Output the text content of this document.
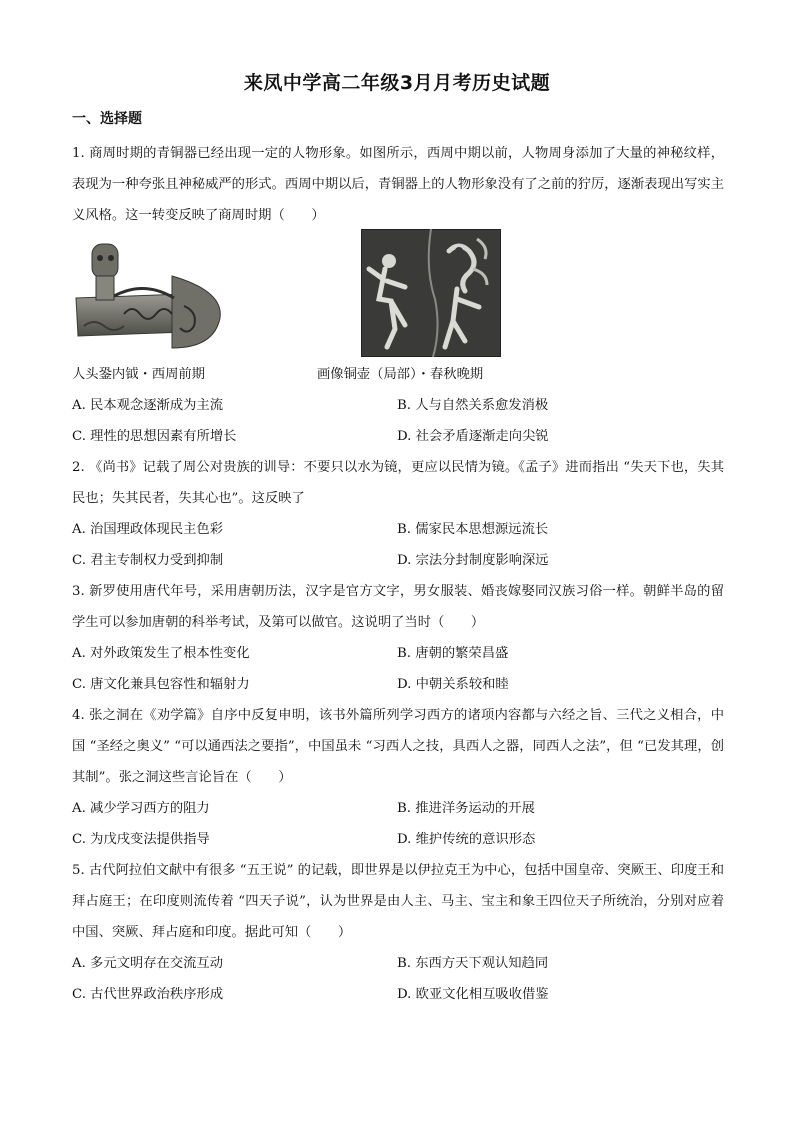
来凤中学高二年级3月月考历史试题
一、选择题

1. 商周时期的青铜器已经出现一定的人物形象。如图所示，西周中期以前，人物周身添加了大量的神秘纹样，表现为一种夸张且神秘威严的形式。西周中期以后，青铜器上的人物形象没有了之前的狞厉，逐渐表现出写实主义风格。这一转变反映了商周时期（　　）

人头銎内钺・西周前期	画像铜壶（局部）・春秋晚期
A. 民本观念逐渐成为主流	B. 人与自然关系愈发消极
C. 理性的思想因素有所增长	D. 社会矛盾逐渐走向尖锐

2. 《尚书》记载了周公对贵族的训导：不要只以水为镜，更应以民情为镜。《孟子》进而指出 “失天下也，失其民也；失其民者，失其心也”。这反映了

A. 治国理政体现民主色彩	B. 儒家民本思想源远流长
C. 君主专制权力受到抑制	D. 宗法分封制度影响深远

3. 新罗使用唐代年号，采用唐朝历法，汉字是官方文字，男女服装、婚丧嫁娶同汉族习俗一样。朝鲜半岛的留学生可以参加唐朝的科举考试，及第可以做官。这说明了当时（　　）

A. 对外政策发生了根本性变化	B. 唐朝的繁荣昌盛
C. 唐文化兼具包容性和辐射力	D. 中朝关系较和睦

4. 张之洞在《劝学篇》自序中反复申明，该书外篇所列学习西方的诸项内容都与六经之旨、三代之义相合，中国 “圣经之奥义” “可以通西法之要指”，中国虽未 “习西人之技，具西人之器，同西人之法”，但 “已发其理，创其制”。张之洞这些言论旨在（　　）

A. 减少学习西方的阻力	B. 推进洋务运动的开展
C. 为戊戌变法提供指导	D. 维护传统的意识形态

5. 古代阿拉伯文献中有很多 “五王说” 的记载，即世界是以伊拉克王为中心，包括中国皇帝、突厥王、印度王和拜占庭王；在印度则流传着 “四天子说”，认为世界是由人主、马主、宝主和象王四位天子所统治，分别对应着中国、突厥、拜占庭和印度。据此可知（　　）

A. 多元文明存在交流互动	B. 东西方天下观认知趋同
C. 古代世界政治秩序形成	D. 欧亚文化相互吸收借鉴
